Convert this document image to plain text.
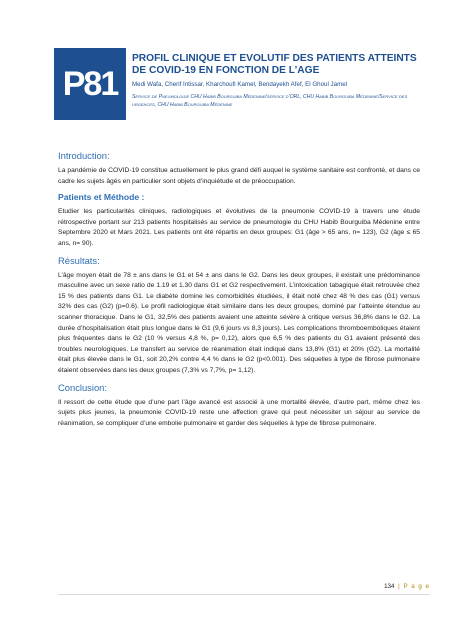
P81
PROFIL CLINIQUE ET EVOLUTIF DES PATIENTS ATTEINTS DE COVID-19 EN FONCTION DE L’AGE
Medi Wafa, Cherif Intissar, Kharchoufi Kamel, Bendayekh Afef, El Ghoul Jamel
Service de Pneumologie CHU Habib Bourguiba Médenine/service d’ORL, CHU Habib Bourguiba Médenine/Service des urgences, CHU Habib Bourguiba Médenine
Introduction:

La pandémie de COVID-19 constitue actuellement le plus grand défi auquel le système sanitaire est confronté, et dans ce cadre les sujets âgés en particulier sont objets d’inquiétude et de préoccupation.

Patients et Méthode :

Etudier les particularités cliniques, radiologiques et évolutives de la pneumonie COVID-19 à travers une étude rétrospective portant sur 213 patients hospitalisés au service de pneumologie du CHU Habib Bourguiba Médenine entre Septembre 2020 et Mars 2021. Les patients ont été répartis en deux groupes: G1 (âge > 65 ans, n= 123), G2 (âge ≤ 65 ans, n= 90).

Résultats:

L’âge moyen était de 78 ± ans dans le G1 et 54 ± ans dans le G2. Dans les deux groupes, il existait une prédominance masculine avec un sexe ratio de 1.19 et 1.30 dans G1 et G2 respectivement. L’intoxication tabagique était retrouvée chez 15 % des patients dans G1. Le diabète domine les comorbidités étudiées, il était noté chez 48 % des cas (G1) versus 32% des cas (G2) (p=0.6). Le profil radiologique était similaire dans les deux groupes, dominé par l’atteinte étendue au scanner thoracique. Dans le G1, 32,5% des patients avaient une atteinte sévère à critique versus 36,8% dans le G2. La durée d’hospitalisation était plus longue dans le G1 (9,6 jours vs 8,3 jours). Les complications thromboemboliques étaient plus fréquentes dans le G2 (10 % versus 4,8 %, p= 0,12), alors que 6,5 % des patients du G1 avaient présenté des troubles neurologiques. Le transfert au service de réanimation était indiqué dans 13,8% (G1) et 20% (G2). La mortalité était plus élevée dans le G1, soit 20,2% contre 4,4 % dans le G2 (p<0.001). Des séquelles à type de fibrose pulmonaire étaient observées dans les deux groupes (7,3% vs 7,7%, p= 1,12).

Conclusion:

Il ressort de cette étude que d’une part l’âge avancé est associé à une mortalité élevée, d’autre part, même chez les sujets plus jeunes, la pneumonie COVID-19 reste une affection grave qui peut nécessiter un séjour au service de réanimation, se compliquer d’une embolie pulmonaire et garder des séquelles à type de fibrose pulmonaire.

134 | P a g e
